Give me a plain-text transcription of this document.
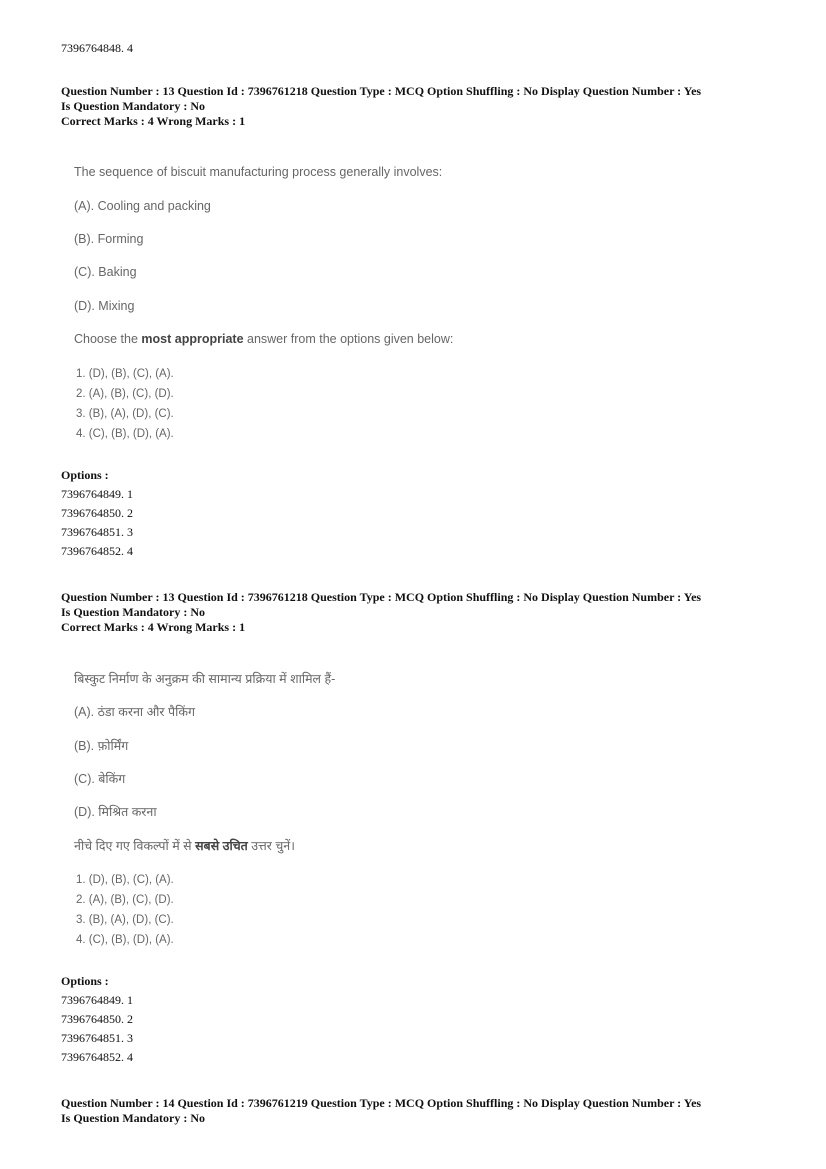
7396764848. 4
Question Number : 13 Question Id : 7396761218 Question Type : MCQ Option Shuffling : No Display Question Number : Yes
Is Question Mandatory : No
Correct Marks : 4 Wrong Marks : 1
The sequence of biscuit manufacturing process generally involves:
(A). Cooling and packing
(B). Forming
(C). Baking
(D). Mixing
Choose the most appropriate answer from the options given below:
1. (D), (B), (C), (A).
2. (A), (B), (C), (D).
3. (B), (A), (D), (C).
4. (C), (B), (D), (A).
Options :
7396764849. 1
7396764850. 2
7396764851. 3
7396764852. 4
Question Number : 13 Question Id : 7396761218 Question Type : MCQ Option Shuffling : No Display Question Number : Yes
Is Question Mandatory : No
Correct Marks : 4 Wrong Marks : 1
बिस्कुट निर्माण के अनुक्रम की सामान्य प्रक्रिया में शामिल हैं-
(A). ठंडा करना और पैकिंग
(B). फ़ोर्मिंग
(C). बेकिंग
(D). मिश्रित करना
नीचे दिए गए विकल्पों में से सबसे उचित उत्तर चुनें।
1. (D), (B), (C), (A).
2. (A), (B), (C), (D).
3. (B), (A), (D), (C).
4. (C), (B), (D), (A).
Options :
7396764849. 1
7396764850. 2
7396764851. 3
7396764852. 4
Question Number : 14 Question Id : 7396761219 Question Type : MCQ Option Shuffling : No Display Question Number : Yes
Is Question Mandatory : No
